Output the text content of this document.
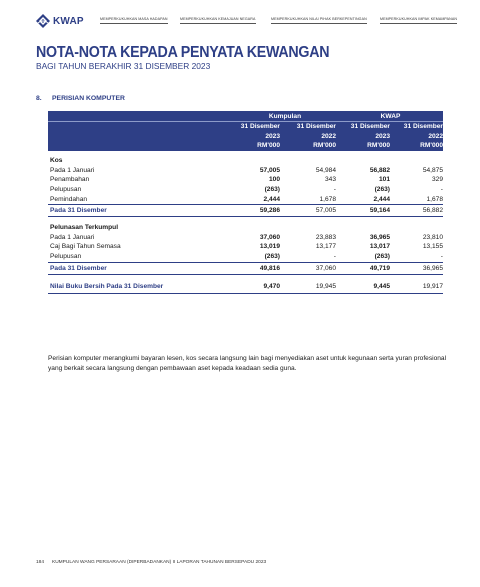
KWAP	MEMPERKUKUHKAN MASA HADAPAN	MEMPERKUKUHKAN KEMAJUAN NEGARA	MEMPERKUKUHKAN NILAI PIHAK BERKEPENTINGAN	MEMPERKUKUHKAN IMPAK KEMAMPANAN
NOTA-NOTA KEPADA PENYATA KEWANGAN
BAGI TAHUN BERAKHIR 31 DISEMBER 2023
8. PERISIAN KOMPUTER
Kumpulan	KWAP
31 Disember	31 Disember	31 Disember	31 Disember
2023	2022	2023	2022
RM'000	RM'000	RM'000	RM'000
Kos
Pada 1 Januari	57,005	54,984	56,882	54,875
Penambahan	100	343	101	329
Pelupusan	(263)	-	(263)	-
Pemindahan	2,444	1,678	2,444	1,678
Pada 31 Disember	59,286	57,005	59,164	56,882
Pelunasan Terkumpul
Pada 1 Januari	37,060	23,883	36,965	23,810
Caj Bagi Tahun Semasa	13,019	13,177	13,017	13,155
Pelupusan	(263)	-	(263)	-
Pada 31 Disember	49,816	37,060	49,719	36,965
Nilai Buku Bersih Pada 31 Disember	9,470	19,945	9,445	19,917
Perisian komputer merangkumi bayaran lesen, kos secara langsung lain bagi menyediakan aset untuk kegunaan serta yuran profesional yang berkait secara langsung dengan pembawaan aset kepada keadaan sedia guna.
184 KUMPULAN WANG PERSARAAN (DIPERBADANKAN) II LAPORAN TAHUNAN BERSEPADU 2023
